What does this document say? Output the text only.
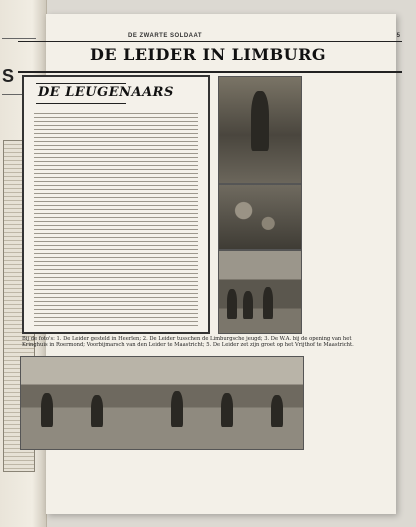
S
DE ZWARTE SOLDAAT	5
DE LEIDER IN LIMBURG
DE LEUGENAARS
Bij de foto's: 1. De Leider gesteld in Heerlen; 2. De Leider tusschen de Limburgsche jeugd; 3. De W.A. bij de opening van het Kringhuis in Roermond; Voorbijmarsch van den Leider te Maastricht; 5. De Leider zet zijn groet op het Vrijthof te Maastricht.
